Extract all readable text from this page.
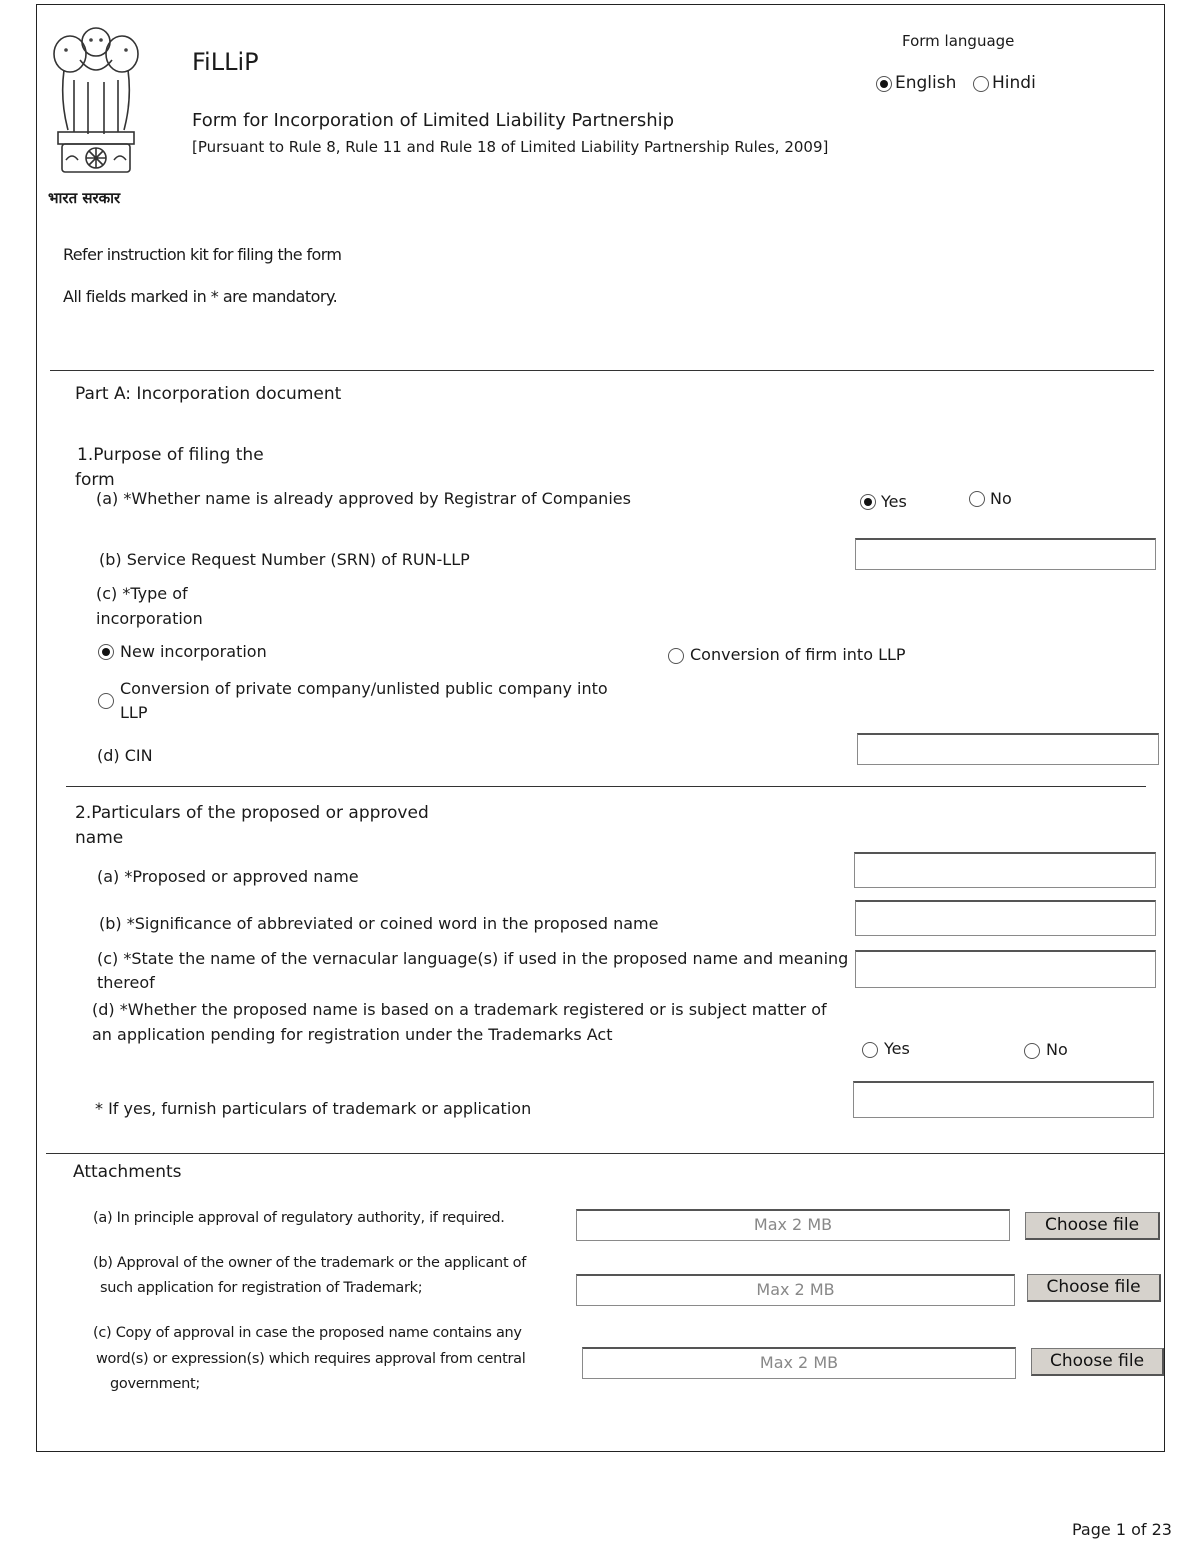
भारत सरकार
FiLLiP
Form for Incorporation of Limited Liability Partnership
[Pursuant to Rule 8, Rule 11 and Rule 18 of Limited Liability Partnership Rules, 2009]
Form language
English Hindi
Refer instruction kit for filing the form
All fields marked in * are mandatory.
Part A: Incorporation document
1.Purpose of filing the
form
(a) *Whether name is already approved by Registrar of Companies	Yes	No
(b) Service Request Number (SRN) of RUN-LLP
(c) *Type of
incorporation
New incorporation	Conversion of firm into LLP
Conversion of private company/unlisted public company into
LLP
(d) CIN
2.Particulars of the proposed or approved
name
(a) *Proposed or approved name
(b) *Significance of abbreviated or coined word in the proposed name
(c) *State the name of the vernacular language(s) if used in the proposed name and meaning
thereof
(d) *Whether the proposed name is based on a trademark registered or is subject matter of
an application pending for registration under the Trademarks Act
Yes	No
* If yes, furnish particulars of trademark or application
Attachments
(a) In principle approval of regulatory authority, if required.	Max 2 MB	Choose file
(b) Approval of the owner of the trademark or the applicant of
such application for registration of Trademark;	Max 2 MB	Choose file
(c) Copy of approval in case the proposed name contains any
word(s) or expression(s) which requires approval from central
government;
Max 2 MB	Choose file
Page 1 of 23
